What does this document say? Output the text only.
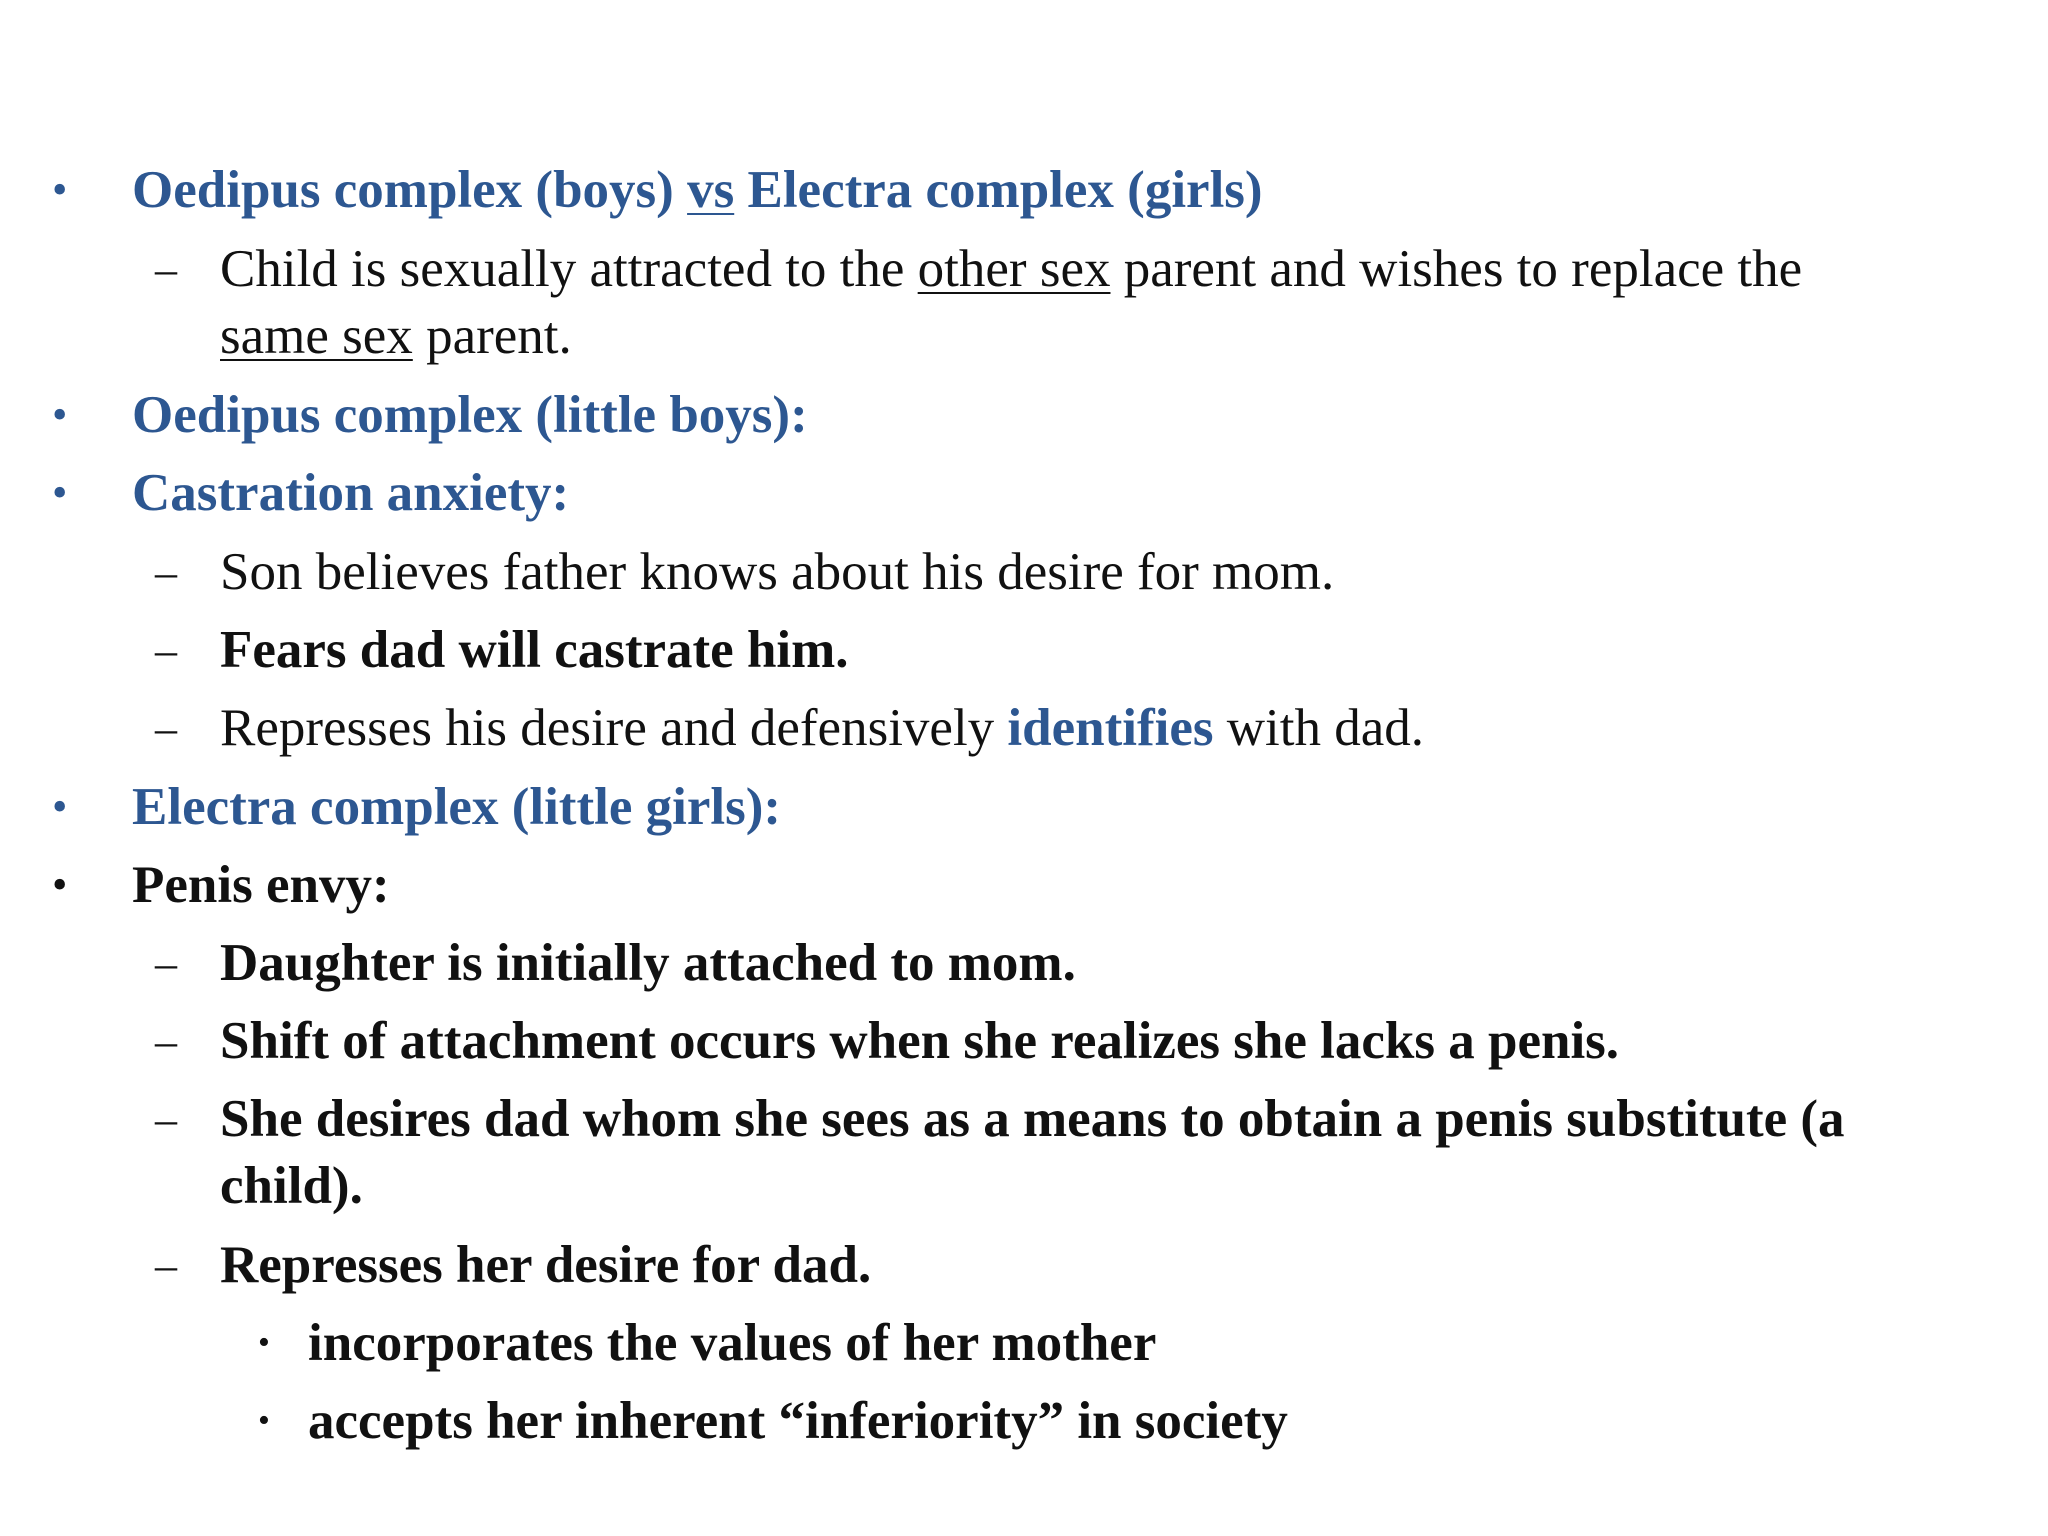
• Oedipus complex (boys) vs Electra complex (girls)
– Child is sexually attracted to the other sex parent and wishes to replace the
same sex parent.
• Oedipus complex (little boys):
• Castration anxiety:
– Son believes father knows about his desire for mom.
– Fears dad will castrate him.
– Represses his desire and defensively identifies with dad.
• Electra complex (little girls):
• Penis envy:
– Daughter is initially attached to mom.
– Shift of attachment occurs when she realizes she lacks a penis.
– She desires dad whom she sees as a means to obtain a penis substitute (a
child).
– Represses her desire for dad.
• incorporates the values of her mother
• accepts her inherent “inferiority” in society
